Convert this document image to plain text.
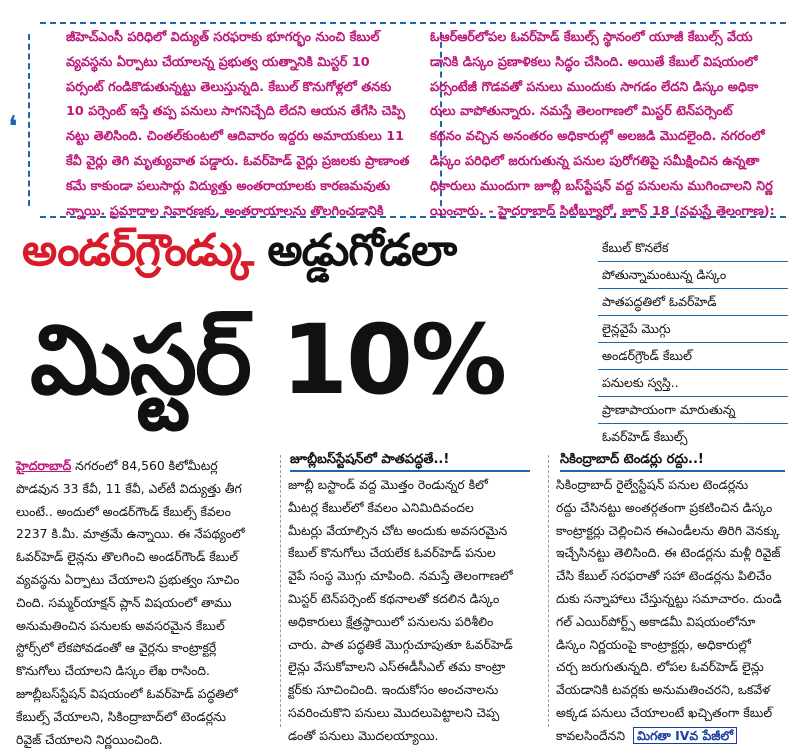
❛

జీహెచ్‌ఎంసీ పరిధిలో విద్యుత్ సరఫరాకు భూగర్భం నుంచి కేబుల్

వ్యవస్థను ఏర్పాటు చేయాలన్న ప్రభుత్వ యత్నానికి మిస్టర్ 10

పర్సంట్ గండికొడుతున్నట్టు తెలుస్తున్నది. కేబుల్ కొనుగోళ్లలో తనకు

10 పర్సెంట్ ఇస్తే తప్ప పనులు సాగనిచ్చేది లేదని ఆయన తేగేసి చెప్పి

నట్టు తెలిసింది. చింతల్‌కుంటలో ఆదివారం ఇద్దరు అమాయకులు 11

కేవీ వైర్లు తెగి మృత్యువాత పడ్డారు. ఓవర్‌హెడ్ వైర్లు ప్రజలకు ప్రాణాంత

కమే కాకుండా పలుసార్లు విద్యుత్తు అంతరాయాలకు కారణమవుతు

న్నాయి. ప్రమాదాల నివారణకు, అంతరాయాలను తొలగించడానికి

ఓఆర్‌ఆర్‌లోపల ఓవర్‌హెడ్ కేబుల్స్ స్థానంలో యూజీ కేబుల్స్ వేయ

డానికి డిస్కం ప్రణాళికలు సిద్ధం చేసింది. అయితే కేబుల్ విషయంలో

పర్సంటేజీ గొడవతో పనులు ముందుకు సాగడం లేదని డిస్కం అధికా

రులు వాపోతున్నారు. నమస్తే తెలంగాణలో మిస్టర్ టెన్‌పర్సెంట్

కథనం వచ్చిన అనంతరం అధికారుల్లో అలజడి మొదలైంది. నగరంలో

డిస్కం పరిధిలో జరుగుతున్న పనుల పురోగతిపై సమీక్షించిన ఉన్నతా

ధికారులు ముందుగా జూబ్లీ బస్‌స్టేషన్ వద్ద పనులను ముగించాలని నిర్ణ

యించారు. - హైదరాబాద్ సిటీబ్యూరో, జూన్ 18 (నమస్తే తెలంగాణ):

అండర్‌గ్రౌండ్కు అడ్డుగోడలా
మిస్టర్ 10%
కేబుల్ కొనలేక
పోతున్నామంటున్న డిస్కం
పాతపద్ధతిలో ఓవర్‌హెడ్
లైన్లవైపే మొగ్గు
అండర్‌గ్రౌండ్ కేబుల్
పనులకు స్వస్తి..
ప్రాణాపాయంగా మారుతున్న
ఓవర్‌హెడ్ కేబుల్స్
జూబ్లీబస్‌స్టేషన్‌లో పాతపద్ధతే..!	సికింద్రాబాద్ టెండర్లు రద్దు..!

హైదరాబాద్ నగరంలో 84,560 కిలోమీటర్ల

పొడవున 33 కేవీ, 11 కేవీ, ఎల్‌టీ విద్యుత్తు తీగ

లుంటే.. అందులో అండర్‌గౌండ్ కేబుల్స్ కేవలం

2237 కి.మీ. మాత్రమే ఉన్నాయి. ఈ నేపథ్యంలో

ఓవర్‌హెడ్ లైన్లను తొలగించి అండర్‌గౌండ్ కేబుల్

వ్యవస్థను ఏర్పాటు చేయాలని ప్రభుత్వం సూచిం

చింది. సమ్మర్‌యాక్షన్ ప్లాన్ విషయంలో తాము

అనుమతించిన పనులకు అవసరమైన కేబుల్

స్టోర్స్‌లో లేకపోవడంతో ఆ వైర్లను కాంట్రాక్టర్లే

కొనుగోలు చేయాలని డిస్కం లేఖ రాసింది.

జూబ్లీబస్‌స్టేషన్ విషయంలో ఓవర్‌హెడ్ పద్ధతిలో

కేబుల్స్ వేయాలని, సికింద్రాబాద్‌లో టెండర్లను

రివైజ్ చేయాలని నిర్ణయించింది.

జూబ్లీ బస్టాండ్ వద్ద మొత్తం రెండున్నర కిలో

మీటర్ల కేబుల్‌లో కేవలం ఎనిమిదివందల

మీటర్లు వేయాల్సిన చోట అందుకు అవసరమైన

కేబుల్ కొనుగోలు చేయలేక ఓవర్‌హెడ్ పనుల

వైపే సంస్థ మొగ్గు చూపింది. నమస్తే తెలంగాణలో

మిస్టర్ టెన్‌పర్సెంట్ కథనాలతో కదలిన డిస్కం

అధికారులు క్షేత్రస్థాయిలో పనులను పరిశీలిం

చారు. పాత పద్ధతికే మొగ్గుచూపుతూ ఓవర్‌హెడ్

లైన్లు వేసుకోవాలని ఎస్‌ఈడీసీఎల్ తమ కాంట్రా

క్టర్‌కు సూచించింది. ఇందుకోసం అంచనాలను

సవరించుకొని పనులు మొదలుపెట్టాలని చెప్ప

డంతో పనులు మొదలయ్యాయి.

సికింద్రాబాద్ రైల్వేస్టేషన్ పనుల టెండర్లను

రద్దు చేసినట్టు అంతర్గతంగా ప్రకటించిన డిస్కం

కాంట్రాక్టర్లు చెల్లించిన ఈఎండీలను తిరిగి వెనక్కు

ఇచ్చేసినట్టు తెలిసింది. ఈ టెండర్లను మళ్లీ రివైజ్

చేసి కేబుల్ సరఫరాతో సహా టెండర్లను పిలిచేం

దుకు సన్నాహాలు చేస్తున్నట్టు సమాచారం. దుండి

గల్ ఎయిర్‌పోర్ట్స్ అకాడమీ విషయంలోనూ

డిస్కం నిర్ణయంపై కాంట్రాక్టర్లు, అధికారుల్లో

చర్చ జరుగుతున్నది. లోపల ఓవర్‌హెడ్ లైన్లు

వేయడానికి టవర్లకు అనుమతించరని, ఒకవేళ

అక్కడ పనులు చేయాలంటే ఖచ్చితంగా కేబుల్

కావలసిందేనని మిగతా IVవ పేజీలో
